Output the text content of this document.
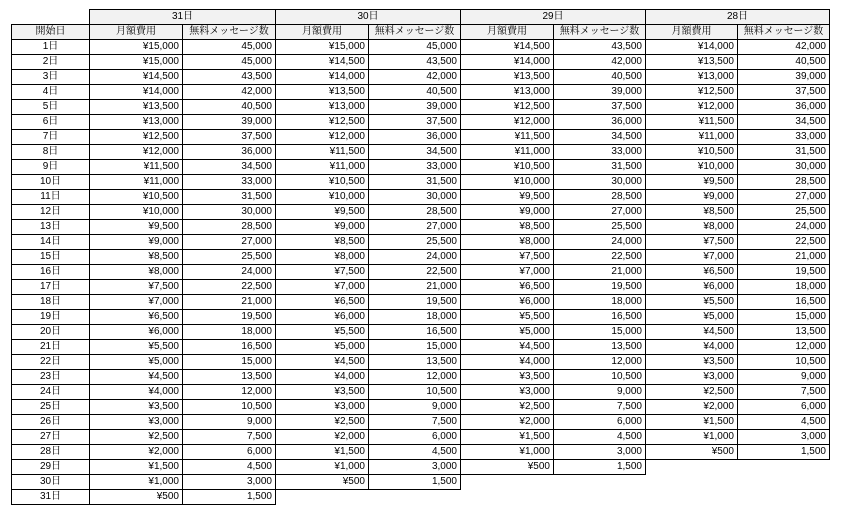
	31日		30日		29日		28日	
開始日	月額費用	無料メッセージ数	月額費用	無料メッセージ数	月額費用	無料メッセージ数	月額費用	無料メッセージ数
1日	¥15,000	45,000	¥15,000	45,000	¥14,500	43,500	¥14,000	42,000
2日	¥15,000	45,000	¥14,500	43,500	¥14,000	42,000	¥13,500	40,500
3日	¥14,500	43,500	¥14,000	42,000	¥13,500	40,500	¥13,000	39,000
4日	¥14,000	42,000	¥13,500	40,500	¥13,000	39,000	¥12,500	37,500
5日	¥13,500	40,500	¥13,000	39,000	¥12,500	37,500	¥12,000	36,000
6日	¥13,000	39,000	¥12,500	37,500	¥12,000	36,000	¥11,500	34,500
7日	¥12,500	37,500	¥12,000	36,000	¥11,500	34,500	¥11,000	33,000
8日	¥12,000	36,000	¥11,500	34,500	¥11,000	33,000	¥10,500	31,500
9日	¥11,500	34,500	¥11,000	33,000	¥10,500	31,500	¥10,000	30,000
10日	¥11,000	33,000	¥10,500	31,500	¥10,000	30,000	¥9,500	28,500
11日	¥10,500	31,500	¥10,000	30,000	¥9,500	28,500	¥9,000	27,000
12日	¥10,000	30,000	¥9,500	28,500	¥9,000	27,000	¥8,500	25,500
13日	¥9,500	28,500	¥9,000	27,000	¥8,500	25,500	¥8,000	24,000
14日	¥9,000	27,000	¥8,500	25,500	¥8,000	24,000	¥7,500	22,500
15日	¥8,500	25,500	¥8,000	24,000	¥7,500	22,500	¥7,000	21,000
16日	¥8,000	24,000	¥7,500	22,500	¥7,000	21,000	¥6,500	19,500
17日	¥7,500	22,500	¥7,000	21,000	¥6,500	19,500	¥6,000	18,000
18日	¥7,000	21,000	¥6,500	19,500	¥6,000	18,000	¥5,500	16,500
19日	¥6,500	19,500	¥6,000	18,000	¥5,500	16,500	¥5,000	15,000
20日	¥6,000	18,000	¥5,500	16,500	¥5,000	15,000	¥4,500	13,500
21日	¥5,500	16,500	¥5,000	15,000	¥4,500	13,500	¥4,000	12,000
22日	¥5,000	15,000	¥4,500	13,500	¥4,000	12,000	¥3,500	10,500
23日	¥4,500	13,500	¥4,000	12,000	¥3,500	10,500	¥3,000	9,000
24日	¥4,000	12,000	¥3,500	10,500	¥3,000	9,000	¥2,500	7,500
25日	¥3,500	10,500	¥3,000	9,000	¥2,500	7,500	¥2,000	6,000
26日	¥3,000	9,000	¥2,500	7,500	¥2,000	6,000	¥1,500	4,500
27日	¥2,500	7,500	¥2,000	6,000	¥1,500	4,500	¥1,000	3,000
28日	¥2,000	6,000	¥1,500	4,500	¥1,000	3,000	¥500	1,500
29日	¥1,500	4,500	¥1,000	3,000	¥500	1,500		
30日	¥1,000	3,000	¥500	1,500				
31日	¥500	1,500						
